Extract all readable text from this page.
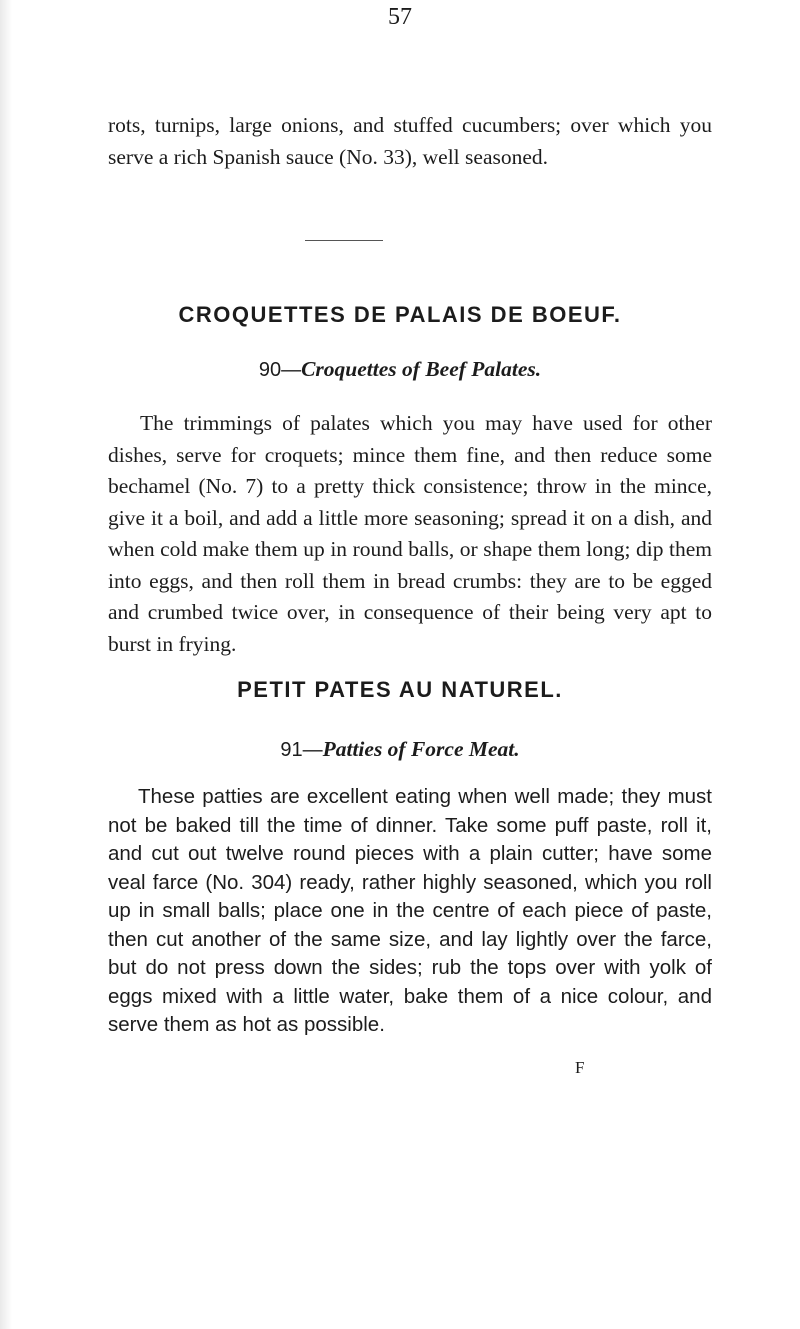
57

rots, turnips, large onions, and stuffed cucumbers; over which you serve a rich Spanish sauce (No. 33), well seasoned.

CROQUETTES DE PALAIS DE BOEUF.

90—Croquettes of Beef Palates.

The trimmings of palates which you may have used for other dishes, serve for croquets; mince them fine, and then reduce some bechamel (No. 7) to a pretty thick consistence; throw in the mince, give it a boil, and add a little more seasoning; spread it on a dish, and when cold make them up in round balls, or shape them long; dip them into eggs, and then roll them in bread crumbs: they are to be egged and crumbed twice over, in consequence of their being very apt to burst in frying.

PETIT PATES AU NATUREL.

91—Patties of Force Meat.

These patties are excellent eating when well made; they must not be baked till the time of dinner. Take some puff paste, roll it, and cut out twelve round pieces with a plain cutter; have some veal farce (No. 304) ready, rather highly seasoned, which you roll up in small balls; place one in the centre of each piece of paste, then cut another of the same size, and lay lightly over the farce, but do not press down the sides; rub the tops over with yolk of eggs mixed with a little water, bake them of a nice colour, and serve them as hot as possible.

F
